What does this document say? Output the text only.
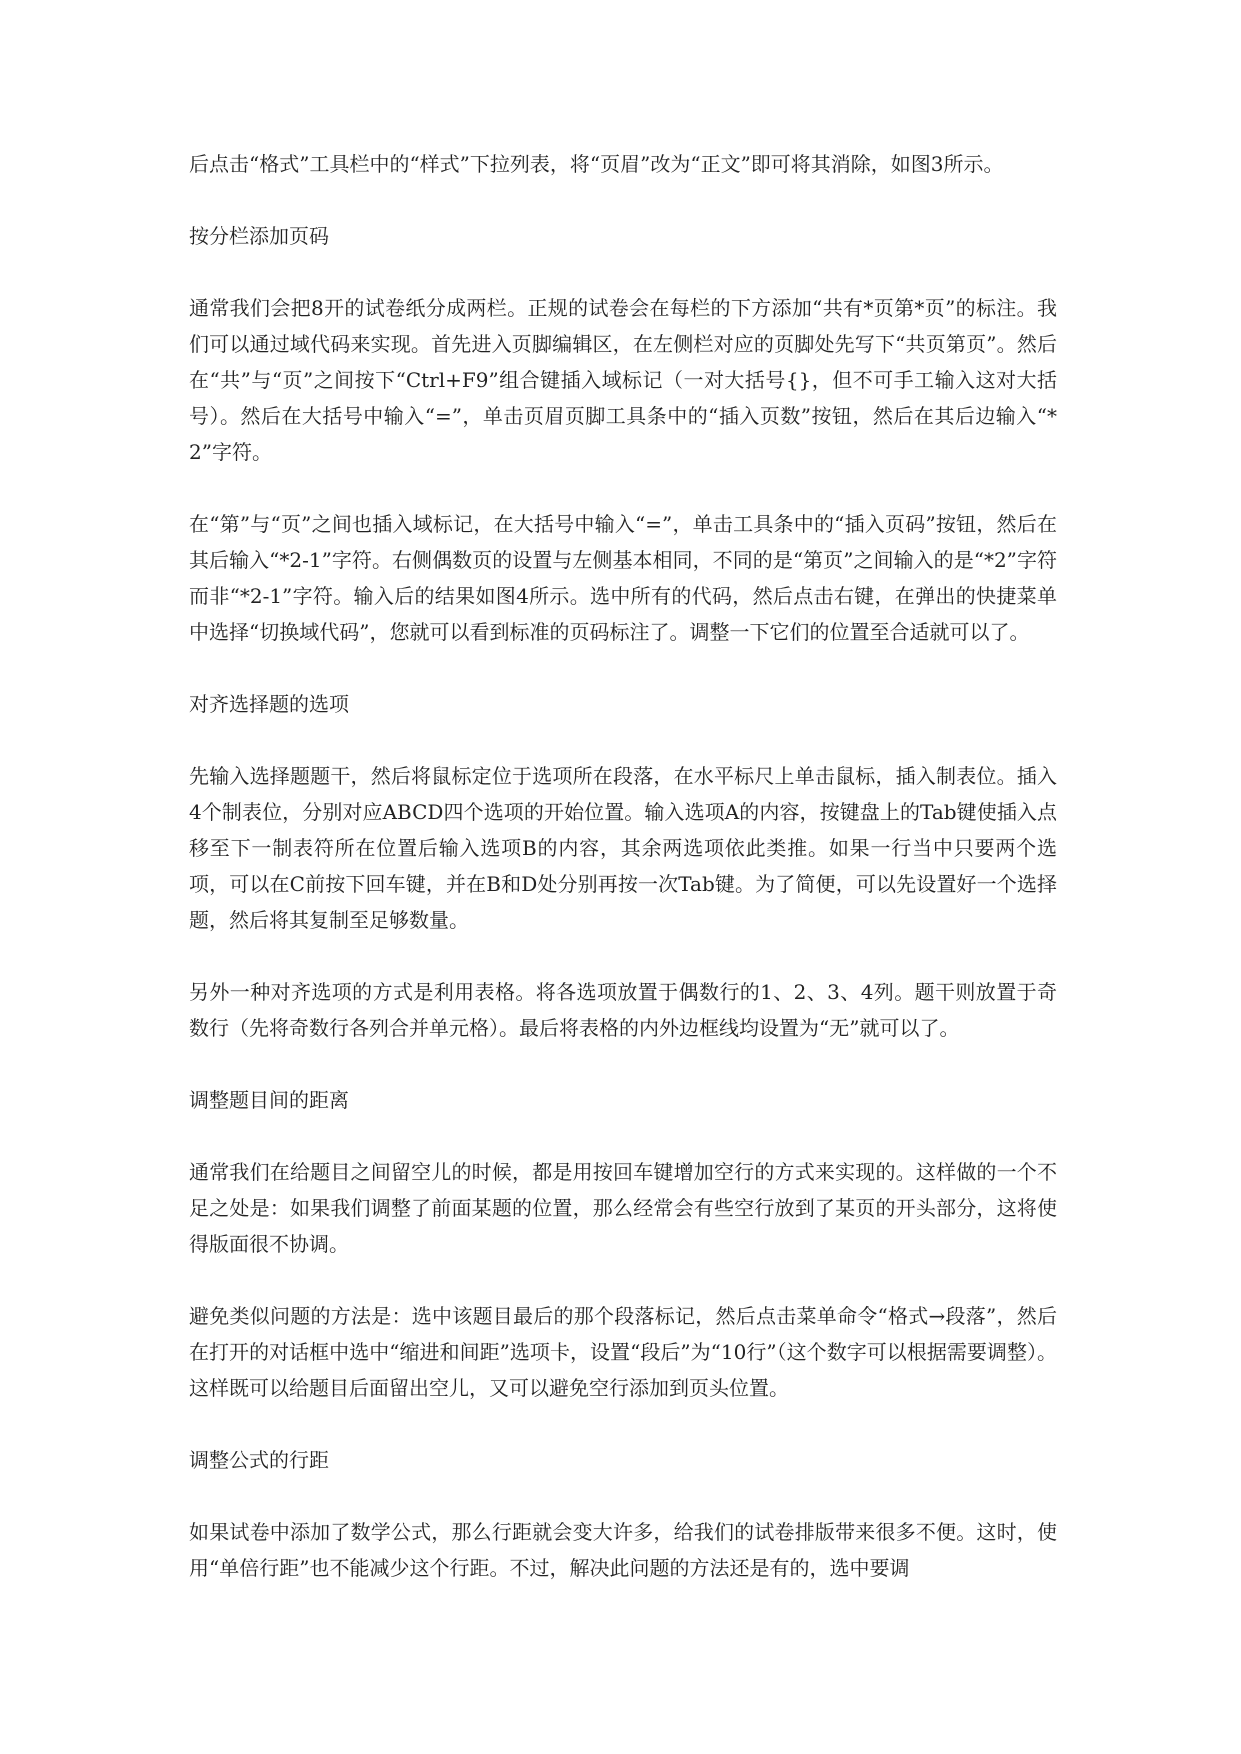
后点击“格式”工具栏中的“样式”下拉列表，将“页眉”改为“正文”即可将其消除，如图3所示。

按分栏添加页码

通常我们会把8开的试卷纸分成两栏。正规的试卷会在每栏的下方添加“共有*页第*页”的标注。我们可以通过域代码来实现。首先进入页脚编辑区，在左侧栏对应的页脚处先写下“共页第页”。然后在“共”与“页”之间按下“Ctrl+F9”组合键插入域标记（一对大括号{}，但不可手工输入这对大括号）。然后在大括号中输入“=”，单击页眉页脚工具条中的“插入页数”按钮，然后在其后边输入“*2”字符。

在“第”与“页”之间也插入域标记，在大括号中输入“=”，单击工具条中的“插入页码”按钮，然后在其后输入“*2-1”字符。右侧偶数页的设置与左侧基本相同，不同的是“第页”之间输入的是“*2”字符而非“*2-1”字符。输入后的结果如图4所示。选中所有的代码，然后点击右键，在弹出的快捷菜单中选择“切换域代码”，您就可以看到标准的页码标注了。调整一下它们的位置至合适就可以了。

对齐选择题的选项

先输入选择题题干，然后将鼠标定位于选项所在段落，在水平标尺上单击鼠标，插入制表位。插入4个制表位，分别对应ABCD四个选项的开始位置。输入选项A的内容，按键盘上的Tab键使插入点移至下一制表符所在位置后输入选项B的内容，其余两选项依此类推。如果一行当中只要两个选项，可以在C前按下回车键，并在B和D处分别再按一次Tab键。为了简便，可以先设置好一个选择题，然后将其复制至足够数量。

另外一种对齐选项的方式是利用表格。将各选项放置于偶数行的1、2、3、4列。题干则放置于奇数行（先将奇数行各列合并单元格）。最后将表格的内外边框线均设置为“无”就可以了。

调整题目间的距离

通常我们在给题目之间留空儿的时候，都是用按回车键增加空行的方式来实现的。这样做的一个不足之处是：如果我们调整了前面某题的位置，那么经常会有些空行放到了某页的开头部分，这将使得版面很不协调。

避免类似问题的方法是：选中该题目最后的那个段落标记，然后点击菜单命令“格式→段落”，然后在打开的对话框中选中“缩进和间距”选项卡，设置“段后”为“10行”（这个数字可以根据需要调整）。这样既可以给题目后面留出空儿，又可以避免空行添加到页头位置。

调整公式的行距

如果试卷中添加了数学公式，那么行距就会变大许多，给我们的试卷排版带来很多不便。这时，使用“单倍行距”也不能减少这个行距。不过，解决此问题的方法还是有的，选中要调
